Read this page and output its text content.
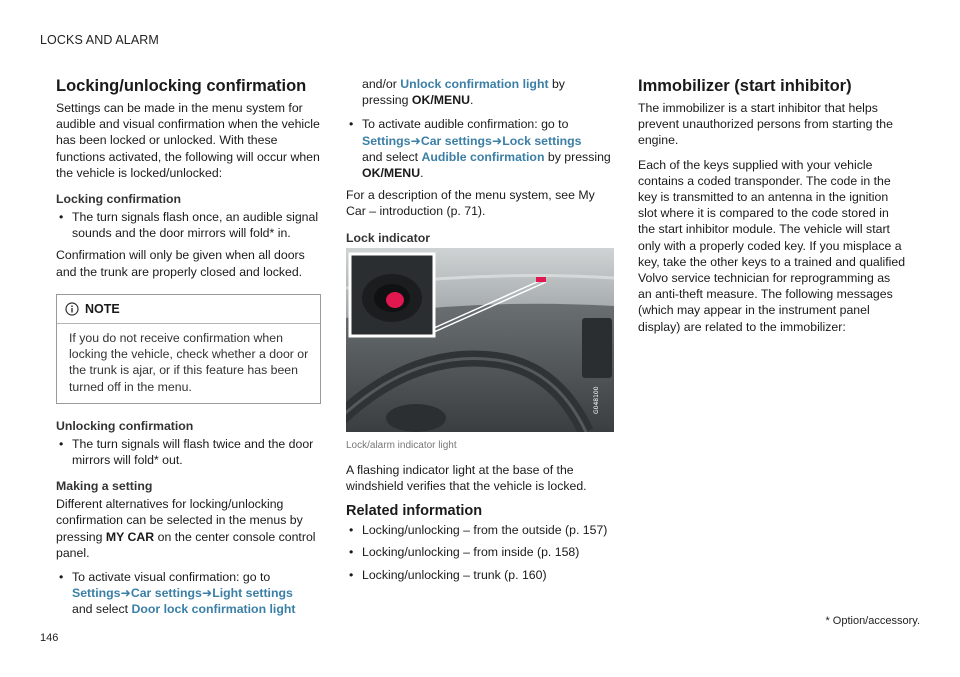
LOCKS AND ALARM
Locking/unlocking confirmation

Settings can be made in the menu system for audible and visual confirmation when the vehicle has been locked or unlocked. With these functions activated, the following will occur when the vehicle is locked/unlocked:

Locking confirmation
• The turn signals flash once, an audible signal sounds and the door mirrors will fold* in.

Confirmation will only be given when all doors and the trunk are properly closed and locked.

NOTE
If you do not receive confirmation when locking the vehicle, check whether a door or the trunk is ajar, or if this feature has been turned off in the menu.
Unlocking confirmation
• The turn signals will flash twice and the door mirrors will fold* out.
Making a setting

Different alternatives for locking/unlocking confirmation can be selected in the menus by pressing MY CAR on the center console control panel.

• To activate visual confirmation: go to
Settings➜Car settings➜Light settings
and select Door lock confirmation light

and/or Unlock confirmation light by pressing OK/MENU.

• To activate audible confirmation: go to
Settings➜Car settings➜Lock settings
and select Audible confirmation by pressing OK/MENU.

For a description of the menu system, see My Car – introduction (p. 71).

Lock indicator
G048100
Lock/alarm indicator light

A flashing indicator light at the base of the windshield verifies that the vehicle is locked.

Related information
• Locking/unlocking – from the outside (p. 157)
• Locking/unlocking – from inside (p. 158)
• Locking/unlocking – trunk (p. 160)
Immobilizer (start inhibitor)

The immobilizer is a start inhibitor that helps prevent unauthorized persons from starting the engine.

Each of the keys supplied with your vehicle contains a coded transponder. The code in the key is transmitted to an antenna in the ignition slot where it is compared to the code stored in the start inhibitor module. The vehicle will start only with a properly coded key. If you misplace a key, take the other keys to a trained and qualified Volvo service technician for reprogramming as an anti-theft measure. The following messages (which may appear in the instrument panel display) are related to the immobilizer:

* Option/accessory.
146
